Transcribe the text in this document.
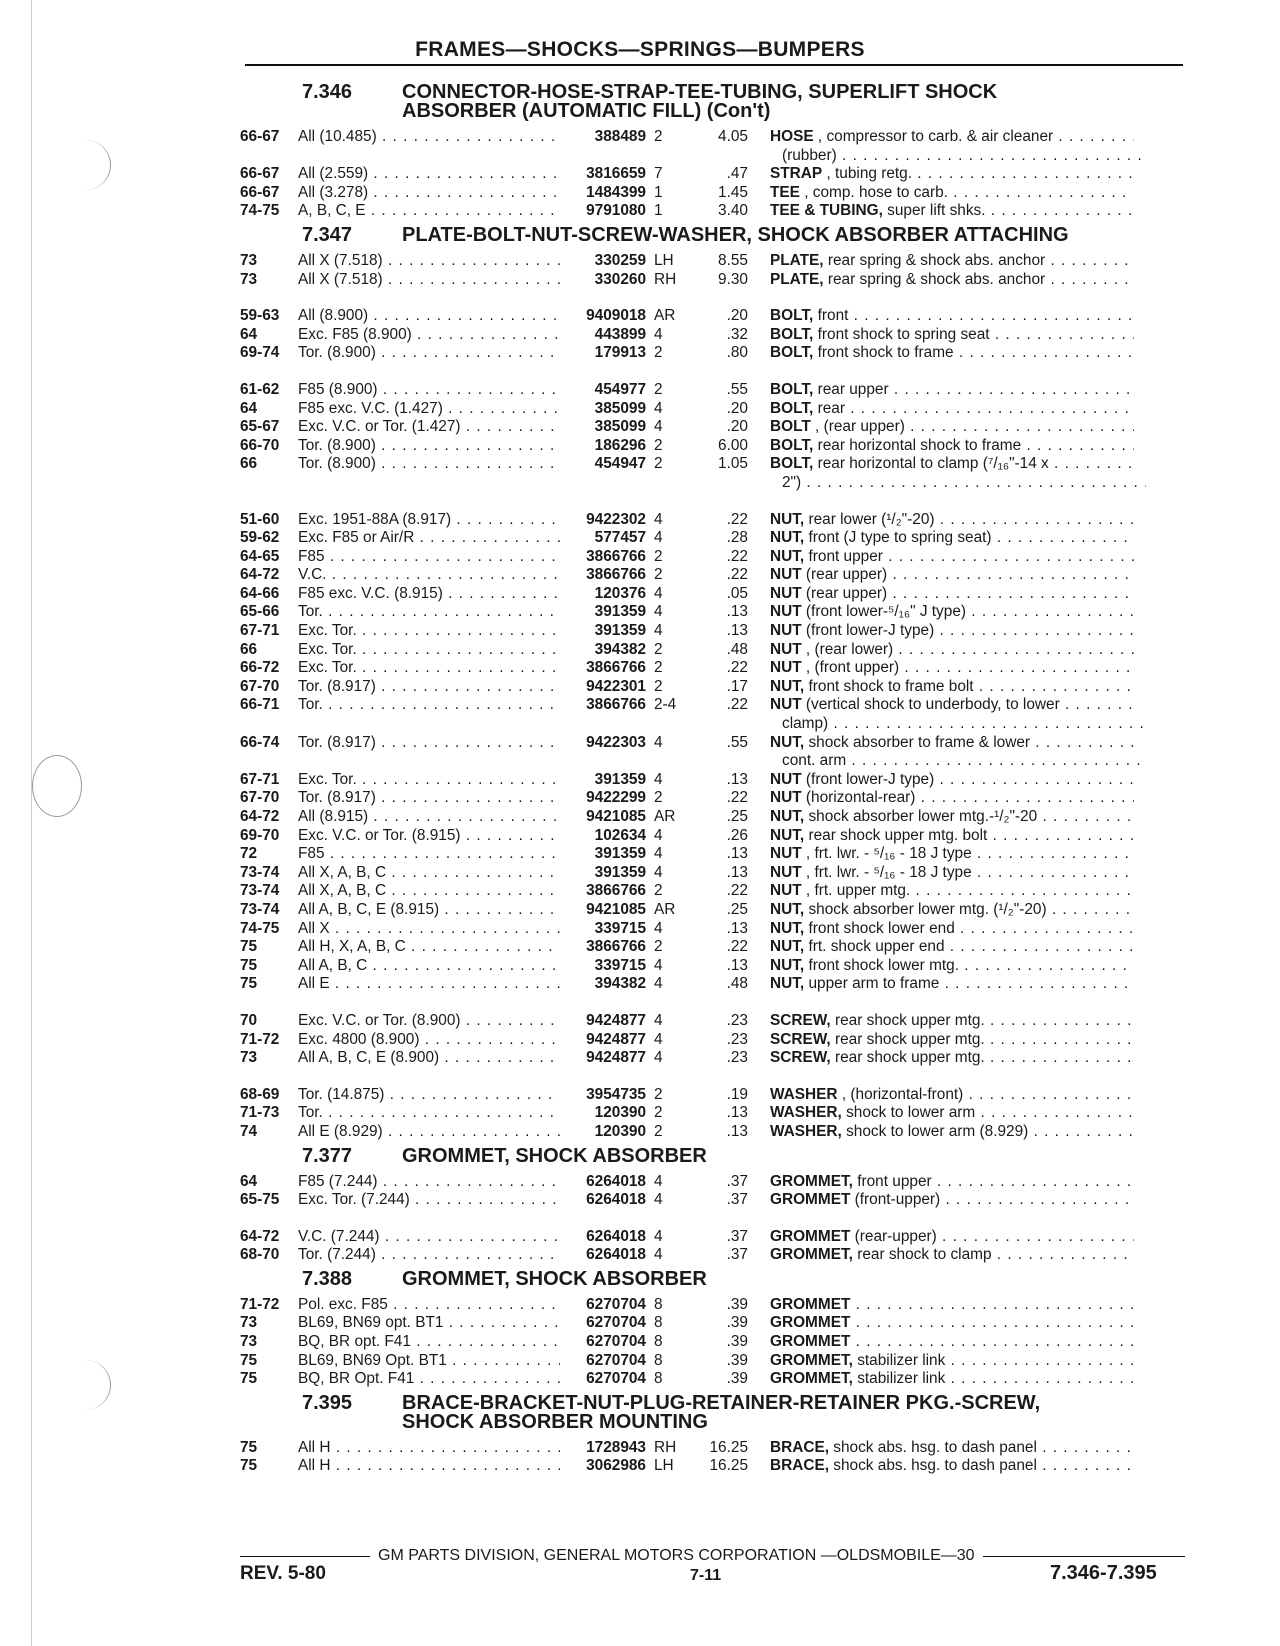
FRAMES—SHOCKS—SPRINGS—BUMPERS
7.346	CONNECTOR-HOSE-STRAP-TEE-TUBING, SUPERLIFT SHOCK
ABSORBER (AUTOMATIC FILL) (Con't)
66-67	All (10.485) . . .	388489 2	4.05	HOSE , compressor to carb. & air cleaner . . .
(rubber) . . .
66-67	All (2.559) . . .	3816659 7	.47	STRAP , tubing retg. . . .
66-67	All (3.278) . . .	1484399 1	1.45	TEE , comp. hose to carb. . . .
74-75	A, B, C, E . . .	9791080 1	3.40	TEE & TUBING, super lift shks. . . .
7.347	PLATE-BOLT-NUT-SCREW-WASHER, SHOCK ABSORBER ATTACHING
73	All X (7.518) . . .	330259 LH	8.55	PLATE, rear spring & shock abs. anchor . . .
73	All X (7.518) . . .	330260 RH	9.30	PLATE, rear spring & shock abs. anchor . . .
59-63	All (8.900) . . .	9409018 AR	.20	BOLT, front . . .
64	Exc. F85 (8.900) . . .	443899 4	.32	BOLT, front shock to spring seat . . .
69-74	Tor. (8.900) . . .	179913 2	.80	BOLT, front shock to frame . . .
61-62	F85 (8.900) . . .	454977 2	.55	BOLT, rear upper . . .
64	F85 exc. V.C. (1.427) . . .	385099 4	.20	BOLT, rear . . .
65-67	Exc. V.C. or Tor. (1.427) . . .	385099 4	.20	BOLT , (rear upper) . . .
66-70	Tor. (8.900) . . .	186296 2	6.00	BOLT, rear horizontal shock to frame . . .
66	Tor. (8.900) . . .	454947 2	1.05	BOLT, rear horizontal to clamp (⁷/₁₆"-14 x . . .
2") . . .
51-60	Exc. 1951-88A (8.917) . . .	9422302 4	.22	NUT, rear lower (¹/₂"-20) . . .
59-62	Exc. F85 or Air/R . . .	577457 4	.28	NUT, front (J type to spring seat) . . .
64-65	F85 . . .	3866766 2	.22	NUT, front upper . . .
64-72	V.C. . . .	3866766 2	.22	NUT (rear upper) . . .
64-66	F85 exc. V.C. (8.915) . . .	120376 4	.05	NUT (rear upper) . . .
65-66	Tor. . . .	391359 4	.13	NUT (front lower-⁵/₁₆" J type) . . .
67-71	Exc. Tor. . . .	391359 4	.13	NUT (front lower-J type) . . .
66	Exc. Tor. . . .	394382 2	.48	NUT , (rear lower) . . .
66-72	Exc. Tor. . . .	3866766 2	.22	NUT , (front upper) . . .
67-70	Tor. (8.917) . . .	9422301 2	.17	NUT, front shock to frame bolt . . .
66-71	Tor. . . .	3866766 2-4	.22	NUT (vertical shock to underbody, to lower . . .
clamp) . . .
66-74	Tor. (8.917) . . .	9422303 4	.55	NUT, shock absorber to frame & lower . . .
cont. arm . . .
67-71	Exc. Tor. . . .	391359 4	.13	NUT (front lower-J type) . . .
67-70	Tor. (8.917) . . .	9422299 2	.22	NUT (horizontal-rear) . . .
64-72	All (8.915) . . .	9421085 AR	.25	NUT, shock absorber lower mtg.-¹/₂"-20 . . .
69-70	Exc. V.C. or Tor. (8.915) . . .	102634 4	.26	NUT, rear shock upper mtg. bolt . . .
72	F85 . . .	391359 4	.13	NUT , frt. lwr. - ⁵/₁₆ - 18 J type . . .
73-74	All X, A, B, C . . .	391359 4	.13	NUT , frt. lwr. - ⁵/₁₆ - 18 J type . . .
73-74	All X, A, B, C . . .	3866766 2	.22	NUT , frt. upper mtg. . . .
73-74	All A, B, C, E (8.915) . . .	9421085 AR	.25	NUT, shock absorber lower mtg. (¹/₂"-20) . . .
74-75	All X . . .	339715 4	.13	NUT, front shock lower end . . .
75	All H, X, A, B, C . . .	3866766 2	.22	NUT, frt. shock upper end . . .
75	All A, B, C . . .	339715 4	.13	NUT, front shock lower mtg. . . .
75	All E . . .	394382 4	.48	NUT, upper arm to frame . . .
70	Exc. V.C. or Tor. (8.900) . . .	9424877 4	.23	SCREW, rear shock upper mtg. . . .
71-72	Exc. 4800 (8.900) . . .	9424877 4	.23	SCREW, rear shock upper mtg. . . .
73	All A, B, C, E (8.900) . . .	9424877 4	.23	SCREW, rear shock upper mtg. . . .
68-69	Tor. (14.875) . . .	3954735 2	.19	WASHER , (horizontal-front) . . .
71-73	Tor. . . .	120390 2	.13	WASHER, shock to lower arm . . .
74	All E (8.929) . . .	120390 2	.13	WASHER, shock to lower arm (8.929) . . .
7.377	GROMMET, SHOCK ABSORBER
64	F85 (7.244) . . .	6264018 4	.37	GROMMET, front upper . . .
65-75	Exc. Tor. (7.244) . . .	6264018 4	.37	GROMMET (front-upper) . . .
64-72	V.C. (7.244) . . .	6264018 4	.37	GROMMET (rear-upper) . . .
68-70	Tor. (7.244) . . .	6264018 4	.37	GROMMET, rear shock to clamp . . .
7.388	GROMMET, SHOCK ABSORBER
71-72	Pol. exc. F85 . . .	6270704 8	.39	GROMMET . . .
73	BL69, BN69 opt. BT1 . . .	6270704 8	.39	GROMMET . . .
73	BQ, BR opt. F41 . . .	6270704 8	.39	GROMMET . . .
75	BL69, BN69 Opt. BT1 . . .	6270704 8	.39	GROMMET, stabilizer link . . .
75	BQ, BR Opt. F41 . . .	6270704 8	.39	GROMMET, stabilizer link . . .
7.395	BRACE-BRACKET-NUT-PLUG-RETAINER-RETAINER PKG.-SCREW,
SHOCK ABSORBER MOUNTING
75	All H . . .	1728943 RH	16.25	BRACE, shock abs. hsg. to dash panel . . .
75	All H . . .	3062986 LH	16.25	BRACE, shock abs. hsg. to dash panel . . .
GM PARTS DIVISION, GENERAL MOTORS CORPORATION —OLDSMOBILE—30
REV. 5-80	7-11	7.346-7.395
